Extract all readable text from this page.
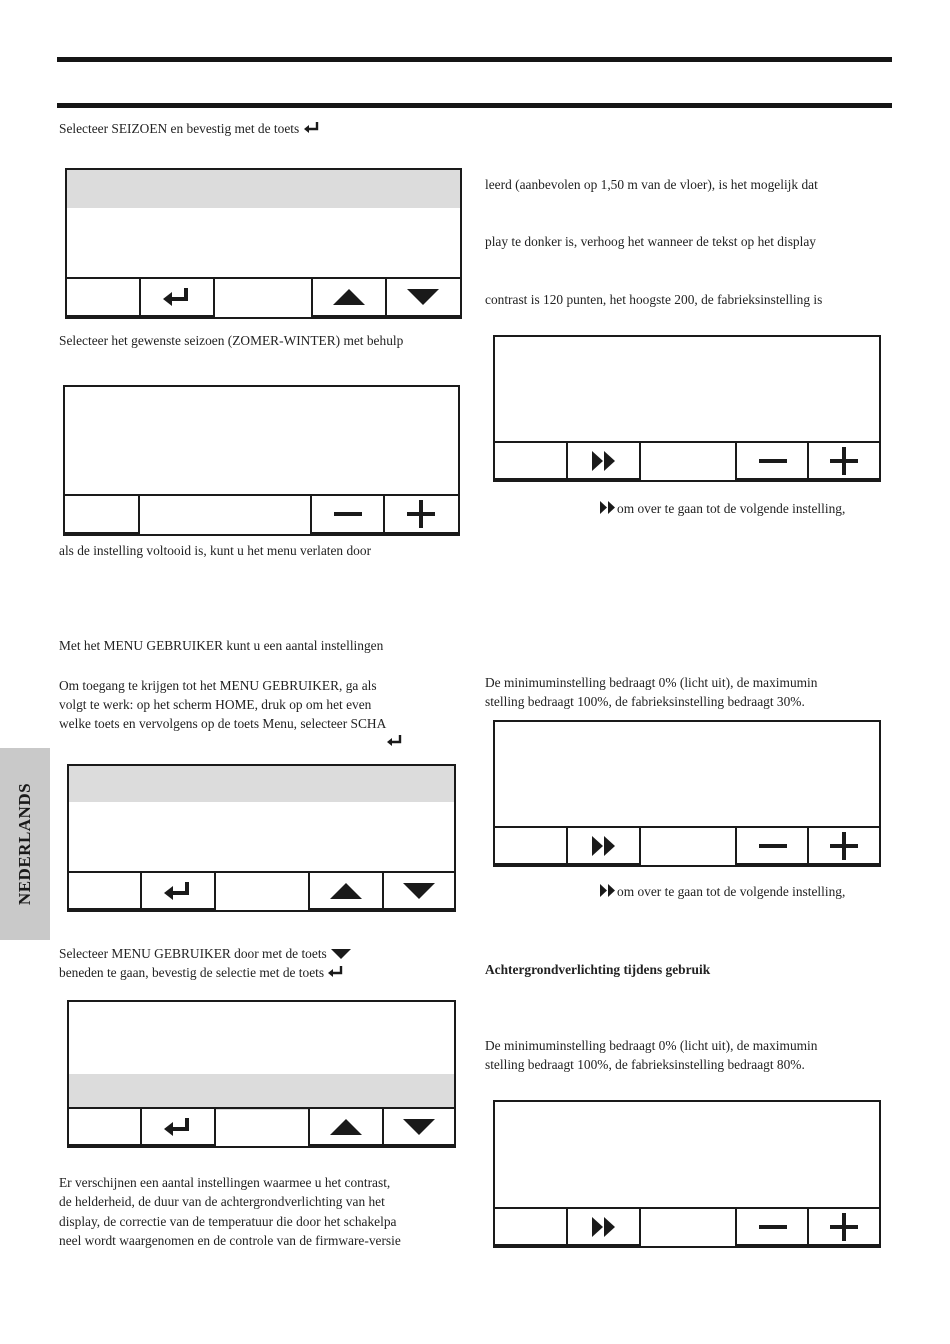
NEDERLANDS
Selecteer SEIZOEN en bevestig met de toets
Selecteer het gewenste seizoen (ZOMER-WINTER) met behulp
als de instelling voltooid is, kunt u het menu verlaten door
Met het MENU GEBRUIKER kunt u een aantal instellingen
Om toegang te krijgen tot het MENU GEBRUIKER, ga als
volgt te werk: op het scherm HOME, druk op om het even
welke toets en vervolgens op de toets Menu, selecteer SCHA
Selecteer MENU GEBRUIKER door met de toets
beneden te gaan, bevestig de selectie met de toets
Er verschijnen een aantal instellingen waarmee u het contrast,
de helderheid, de duur van de achtergrondverlichting van het
display, de correctie van de temperatuur die door het schakelpa
neel wordt waargenomen en de controle van de firmware-versie
leerd (aanbevolen op 1,50 m van de vloer), is het mogelijk dat
play te donker is, verhoog het wanneer de tekst op het display
contrast is 120 punten, het hoogste 200, de fabrieksinstelling is
om over te gaan tot de volgende instelling,
De minimuminstelling bedraagt 0% (licht uit), de maximumin
stelling bedraagt 100%, de fabrieksinstelling bedraagt 30%.
om over te gaan tot de volgende instelling,
Achtergrondverlichting tijdens gebruik
De minimuminstelling bedraagt 0% (licht uit), de maximumin
stelling bedraagt 100%, de fabrieksinstelling bedraagt 80%.
